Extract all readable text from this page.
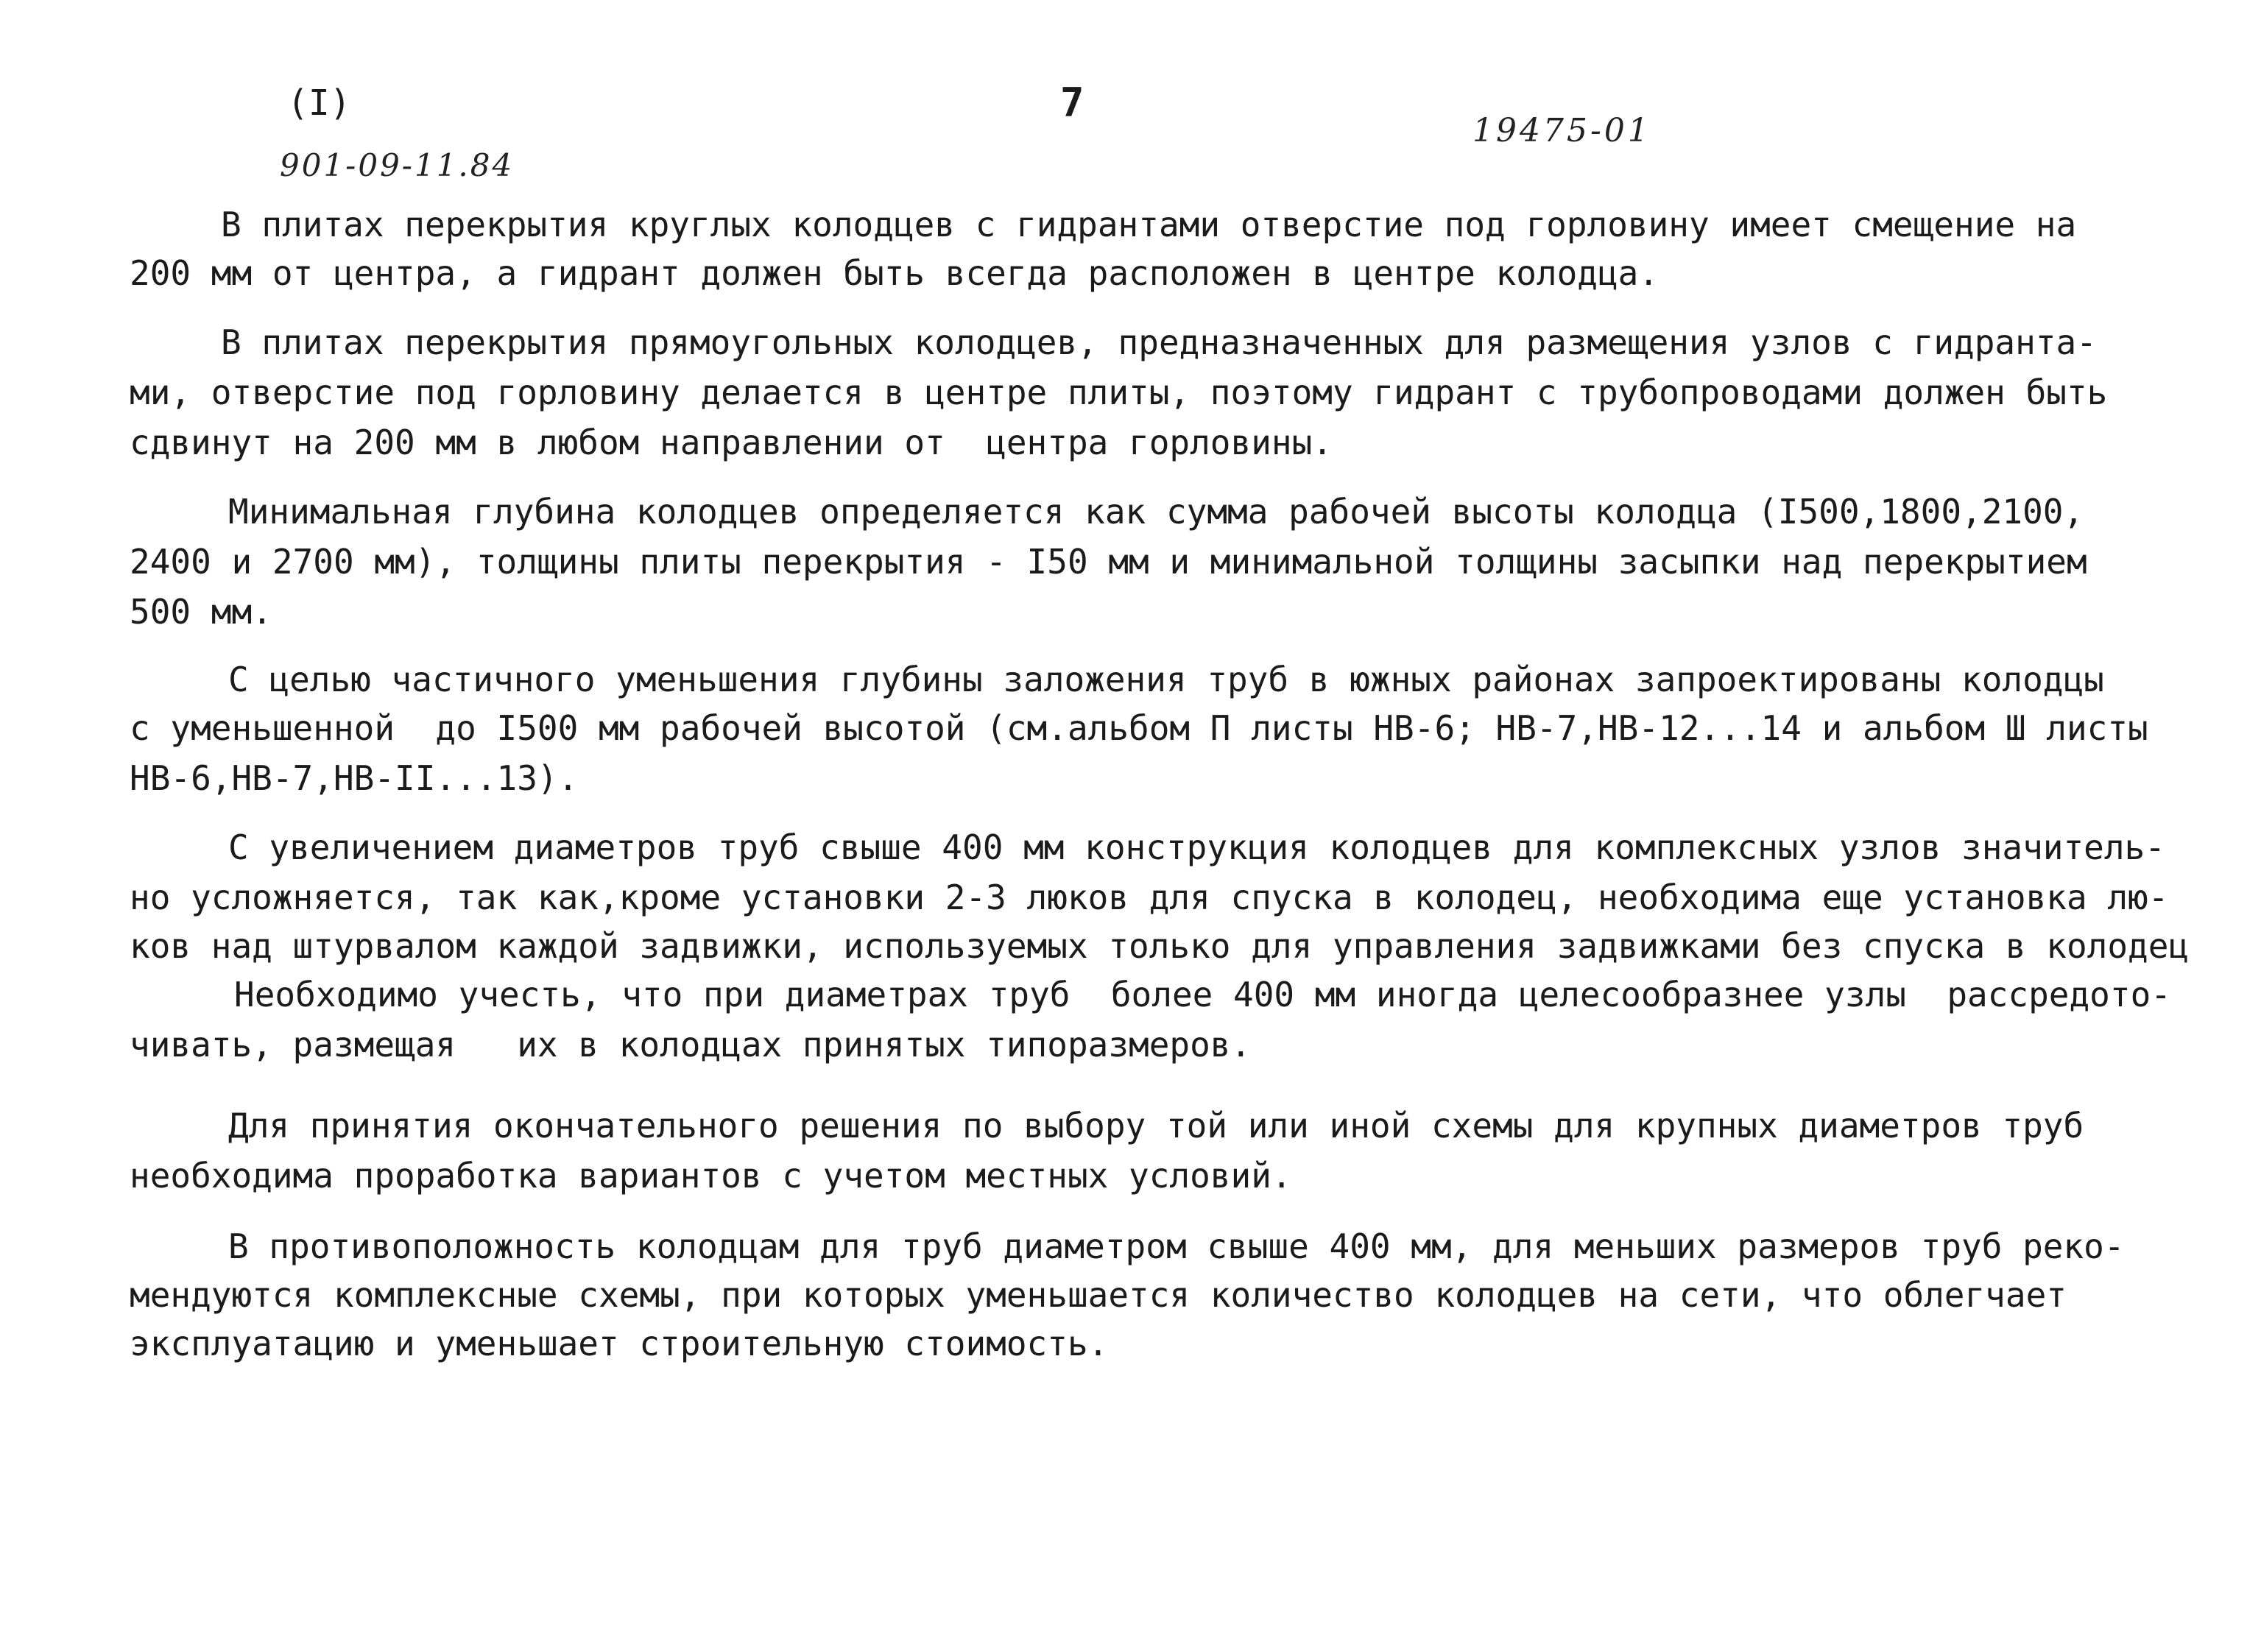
(I)	7
901-09-11.84
19475-01
В плитах перекрытия круглых колодцев с гидрантами отверстие под горловину имеет смещение на
200 мм от центра, а гидрант должен быть всегда расположен в центре колодца.
В плитах перекрытия прямоугольных колодцев, предназначенных для размещения узлов с гидранта-
ми, отверстие под горловину делается в центре плиты, поэтому гидрант с трубопроводами должен быть
сдвинут на 200 мм в любом направлении от  центра горловины.
Минимальная глубина колодцев определяется как сумма рабочей высоты колодца (I500,1800,2100,
2400 и 2700 мм), толщины плиты перекрытия - I50 мм и минимальной толщины засыпки над перекрытием
500 мм.
С целью частичного уменьшения глубины заложения труб в южных районах запроектированы колодцы
с уменьшенной  до I500 мм рабочей высотой (см.альбом П листы НВ-6; НВ-7,НВ-12...14 и альбом Ш листы
НВ-6,НВ-7,НВ-II...13).
С увеличением диаметров труб свыше 400 мм конструкция колодцев для комплексных узлов значитель-
но усложняется, так как,кроме установки 2-3 люков для спуска в колодец, необходима еще установка лю-
ков над штурвалом каждой задвижки, используемых только для управления задвижками без спуска в колодец
Необходимо учесть, что при диаметрах труб  более 400 мм иногда целесообразнее узлы  рассредото-
чивать, размещая   их в колодцах принятых типоразмеров.
Для принятия окончательного решения по выбору той или иной схемы для крупных диаметров труб
необходима проработка вариантов с учетом местных условий.
В противоположность колодцам для труб диаметром свыше 400 мм, для меньших размеров труб реко-
мендуются комплексные схемы, при которых уменьшается количество колодцев на сети, что облегчает
эксплуатацию и уменьшает строительную стоимость.
